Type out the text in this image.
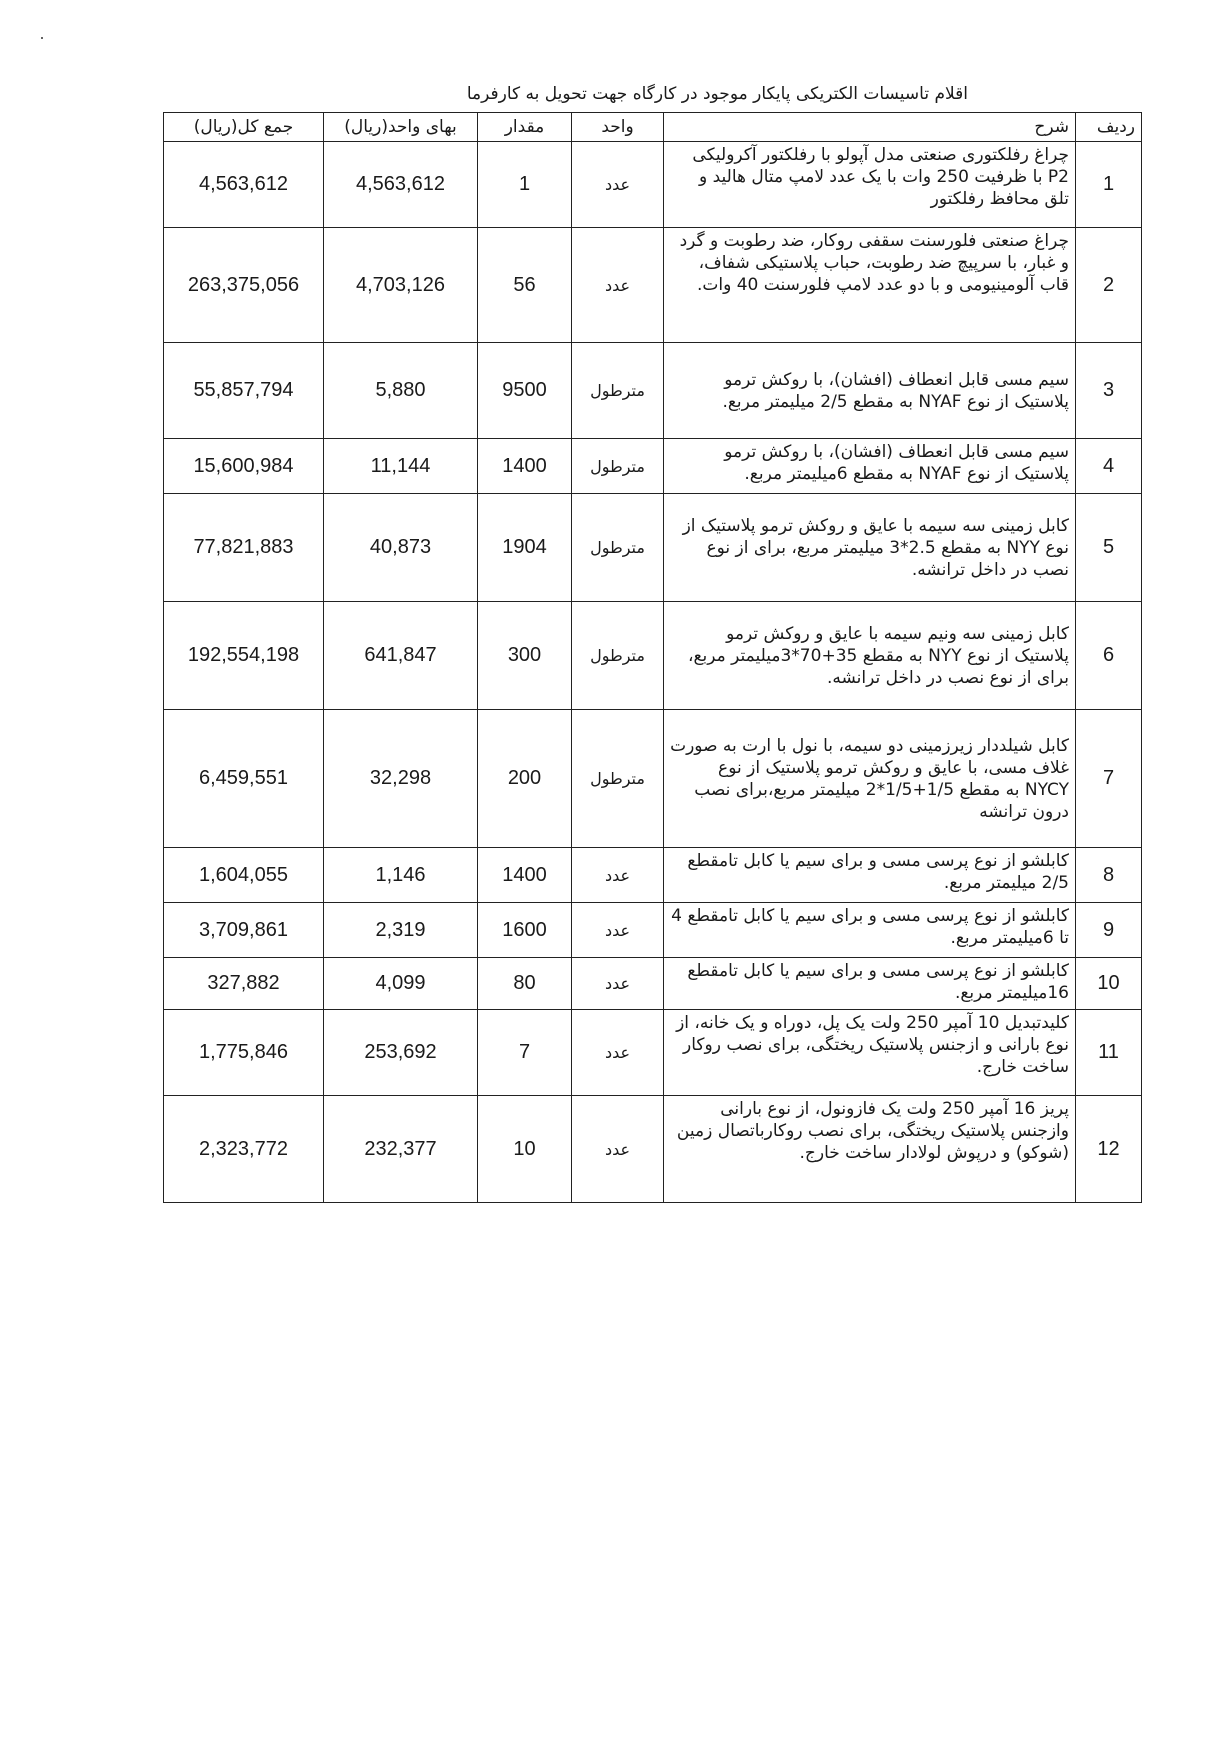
اقلام تاسیسات الکتریکی پایکار موجود در کارگاه جهت تحویل به کارفرما
ردیف	شرح	واحد	مقدار	بهای واحد(ریال)	جمع کل(ریال)
1	چراغ رفلکتوری صنعتی مدل آپولو با رفلکتور آکرولیکی P2 با ظرفیت 250 وات با یک عدد لامپ متال هالید و تلق محافظ رفلکتور	عدد	1	4,563,612	4,563,612
2	چراغ صنعتی فلورسنت سقفی روکار، ضد رطوبت و گرد و غبار، با سرپیچ ضد رطوبت، حباب پلاستیکی شفاف، قاب آلومینیومی و با دو عدد لامپ فلورسنت 40 وات.	عدد	56	4,703,126	263,375,056
3	سیم مسی قابل انعطاف (افشان)، با روکش ترمو پلاستیک از نوع NYAF به مقطع 2/5 میلیمتر مربع.	مترطول	9500	5,880	55,857,794
4	سیم مسی قابل انعطاف (افشان)، با روکش ترمو پلاستیک از نوع NYAF به مقطع 6میلیمتر مربع.	مترطول	1400	11,144	15,600,984
5	کابل زمینی سه سیمه با عایق و روکش ترمو پلاستیک از نوع NYY به مقطع 2.5*3 میلیمتر مربع، برای از نوع نصب در داخل ترانشه.	مترطول	1904	40,873	77,821,883
6	کابل زمینی سه ونیم سیمه با عایق و روکش ترمو پلاستیک از نوع NYY به مقطع 35+70*3میلیمتر مربع، برای از نوع نصب در داخل ترانشه.	مترطول	300	641,847	192,554,198
7	کابل شیلددار زیرزمینی دو سیمه، با نول با ارت به صورت غلاف مسی، با عایق و روکش ترمو پلاستیک از نوع NYCY به مقطع 1/5+1/5*2 میلیمتر مربع،برای نصب درون ترانشه	مترطول	200	32,298	6,459,551
8	کابلشو از نوع پرسی مسی و برای سیم یا کابل تامقطع 2/5 میلیمتر مربع.	عدد	1400	1,146	1,604,055
9	کابلشو از نوع پرسی مسی و برای سیم یا کابل تامقطع 4 تا 6میلیمتر مربع.	عدد	1600	2,319	3,709,861
10	کابلشو از نوع پرسی مسی و برای سیم یا کابل تامقطع 16میلیمتر مربع.	عدد	80	4,099	327,882
11	کلیدتبدیل 10 آمپر 250 ولت یک پل، دوراه و یک خانه، از نوع بارانی و ازجنس پلاستیک ریختگی، برای نصب روکار ساخت خارج.	عدد	7	253,692	1,775,846
12	پریز 16 آمپر 250 ولت یک فازونول، از نوع بارانی وازجنس پلاستیک ریختگی، برای نصب روکارباتصال زمین (شوکو) و درپوش لولادار ساخت خارج.	عدد	10	232,377	2,323,772
